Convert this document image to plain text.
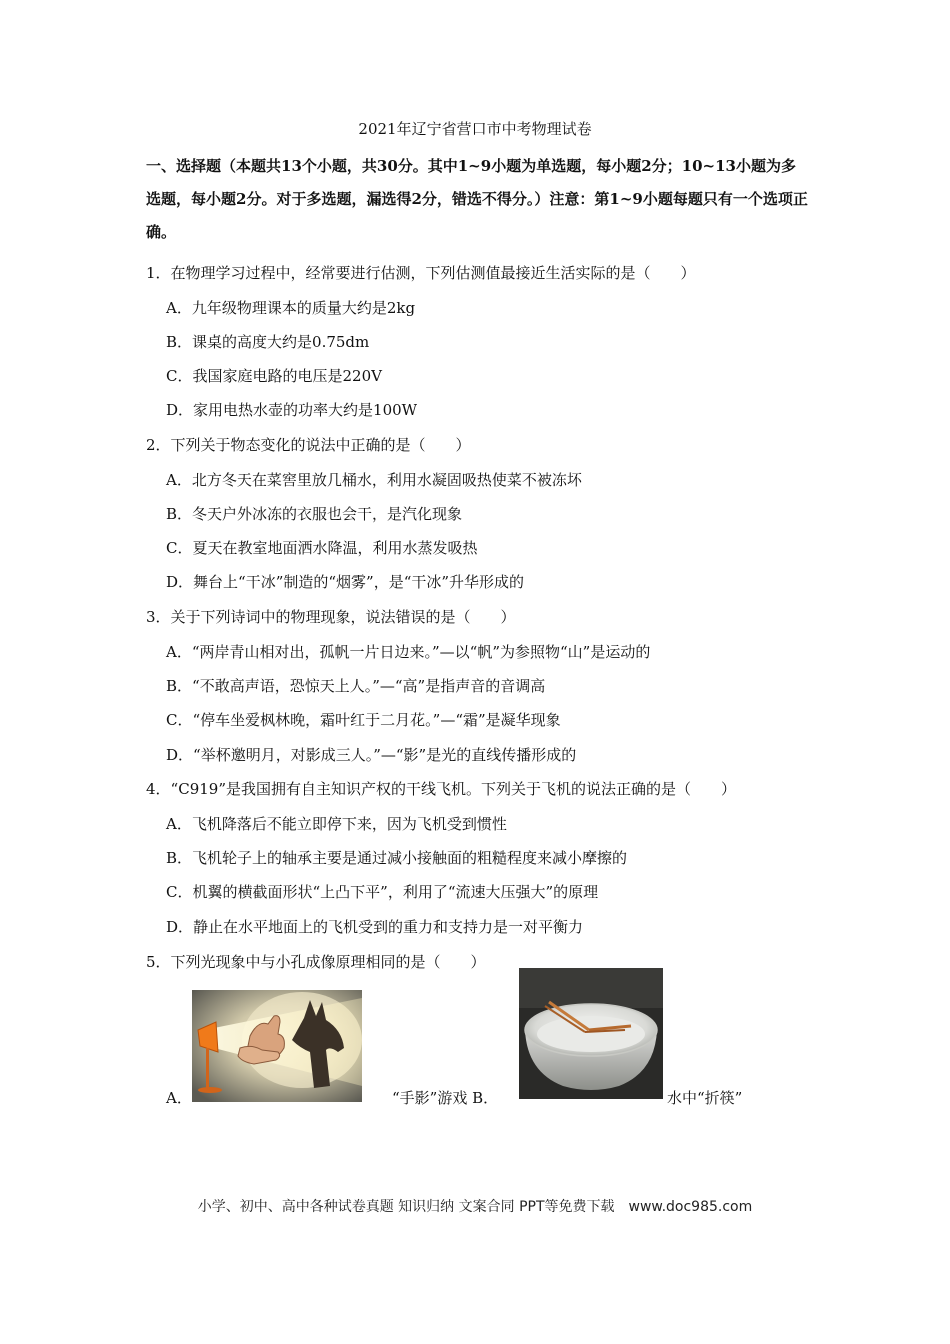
2021年辽宁省营口市中考物理试卷
一、选择题（本题共13个小题，共30分。其中1~9小题为单选题，每小题2分；10~13小题为多选题，每小题2分。对于多选题，漏选得2分，错选不得分。）注意：第1~9小题每题只有一个选项正确。
1．在物理学习过程中，经常要进行估测，下列估测值最接近生活实际的是（　　）
A．九年级物理课本的质量大约是2kg
B．课桌的高度大约是0.75dm
C．我国家庭电路的电压是220V
D．家用电热水壶的功率大约是100W
2．下列关于物态变化的说法中正确的是（　　）
A．北方冬天在菜窖里放几桶水，利用水凝固吸热使菜不被冻坏
B．冬天户外冰冻的衣服也会干，是汽化现象
C．夏天在教室地面洒水降温，利用水蒸发吸热
D．舞台上“干冰”制造的“烟雾”，是“干冰”升华形成的
3．关于下列诗词中的物理现象，说法错误的是（　　）
A．“两岸青山相对出，孤帆一片日边来。”—以“帆”为参照物“山”是运动的
B．“不敢高声语，恐惊天上人。”—“高”是指声音的音调高
C．“停车坐爱枫林晚，霜叶红于二月花。”—“霜”是凝华现象
D．“举杯邀明月，对影成三人。”—“影”是光的直线传播形成的
4．“C919”是我国拥有自主知识产权的干线飞机。下列关于飞机的说法正确的是（　　）
A．飞机降落后不能立即停下来，因为飞机受到惯性
B．飞机轮子上的轴承主要是通过减小接触面的粗糙程度来减小摩擦的
C．机翼的横截面形状“上凸下平”，利用了“流速大压强大”的原理
D．静止在水平地面上的飞机受到的重力和支持力是一对平衡力
5．下列光现象中与小孔成像原理相同的是（　　）
A．	“手影”游戏 B．	水中“折筷”
小学、初中、高中各种试卷真题 知识归纳 文案合同 PPT等免费下载　www.doc985.com
